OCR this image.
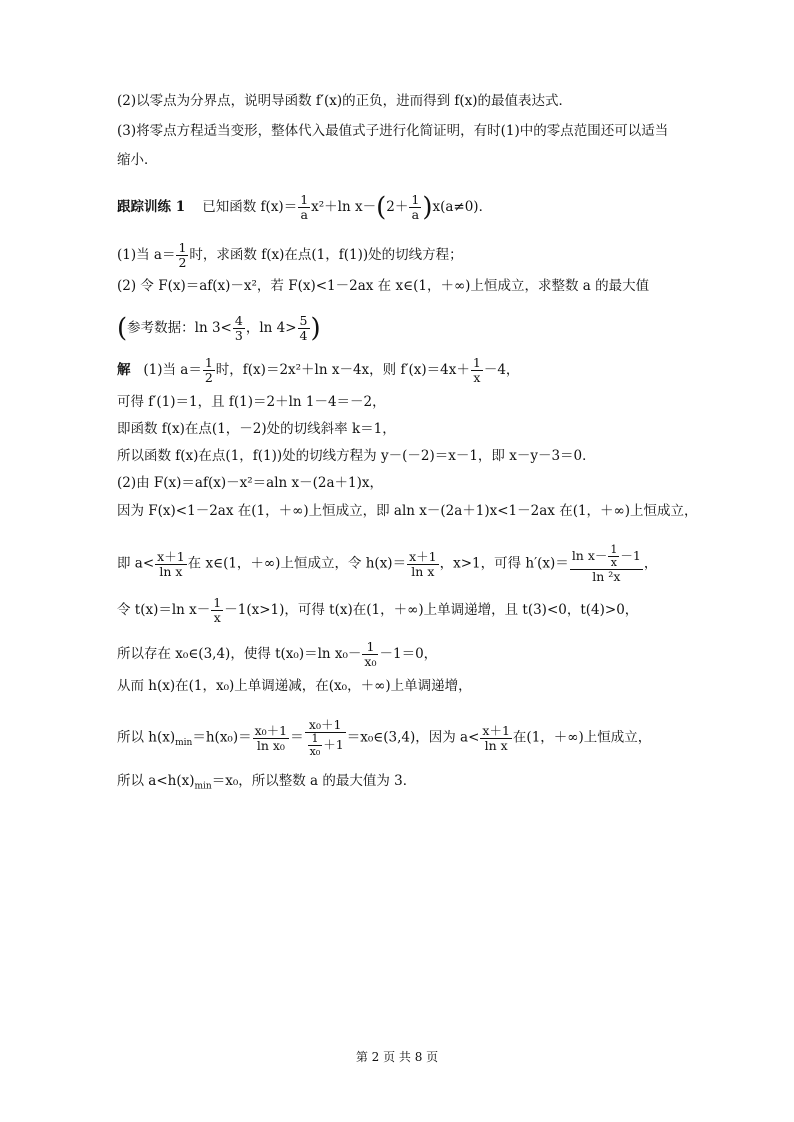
(2)以零点为分界点，说明导函数 f′(x)的正负，进而得到 f(x)的最值表达式．
(3)将零点方程适当变形，整体代入最值式子进行化简证明，有时(1)中的零点范围还可以适当
缩小．
跟踪训练 1 已知函数 $f(x)= \frac{1}{a} x^2+\ln$ $x-(2+ \frac{1}{a} )x(a\ne 0)$．
(1)当 $a= \frac{1}{2}$ 时，求函数 f(x)在点(1，f(1))处的切线方程；
(2) 令 F(x)＝af(x)－x²，若 F(x)<1－2ax 在 x∈(1，＋∞)上恒成立，求整数 a 的最大值
(参考数据：$\ln 3< \frac{4}{3}$ ，$\ln 4> \frac{5}{4}$ )
解 (1)当 $a= \frac{1}{2}$ 时，f(x)＝2x²＋ln x－4x，则 $f'(x)=4x+ \frac{1}{x} -4$，
可得 f′(1)＝1，且 f(1)＝2＋ln 1－4＝－2，
即函数 f(x)在点(1，－2)处的切线斜率 k＝1，
所以函数 f(x)在点(1，f(1))处的切线方程为 y－(－2)＝x－1，即 x－y－3＝0．
(2)由 F(x)＝af(x)－x²＝aln x－(2a＋1)x，
因为 F(x)<1－2ax 在(1，＋∞)上恒成立，即 aln x－(2a＋1)x<1－2ax 在(1，＋∞)上恒成立，
即 $a< \frac{x+1}{\text{ln x}}$ 在 x∈(1，＋∞)上恒成立，令 $h(x)= \frac{x+1}{\text{ln x}}$ ，x>1，可得 $h'(x)= \frac{\ln x- \frac{1}{x} -1}{\text{ln ²x}}$ ，
令 t(x)＝ln $x- \frac{1}{x} -1(x>1)$，可得 t(x)在(1，＋∞)上单调递增，且 t(3)<0，t(4)>0，
所以存在 x₀∈(3,4)，使得 t(x₀)＝ln $x_0- \frac{1}{\text{x₀}} -1=0$，
从而 h(x)在(1，x₀)上单调递减，在(x₀，＋∞)上单调递增，
所以 $h(x)_{min}=h(x_0)= \frac{\text{x₀＋1}}{\text{ln x₀}} = \frac{\text{x₀＋1}}{\frac{1}{\text{x₀}} +1}$ ＝x₀∈(3,4)，因为 $a< \frac{x+1}{\text{ln x}}$ 在(1，＋∞)上恒成立，
所以 $a<h(x)_{min}=x_0$，所以整数 a 的最大值为 3．
第 2 页 共 8 页
